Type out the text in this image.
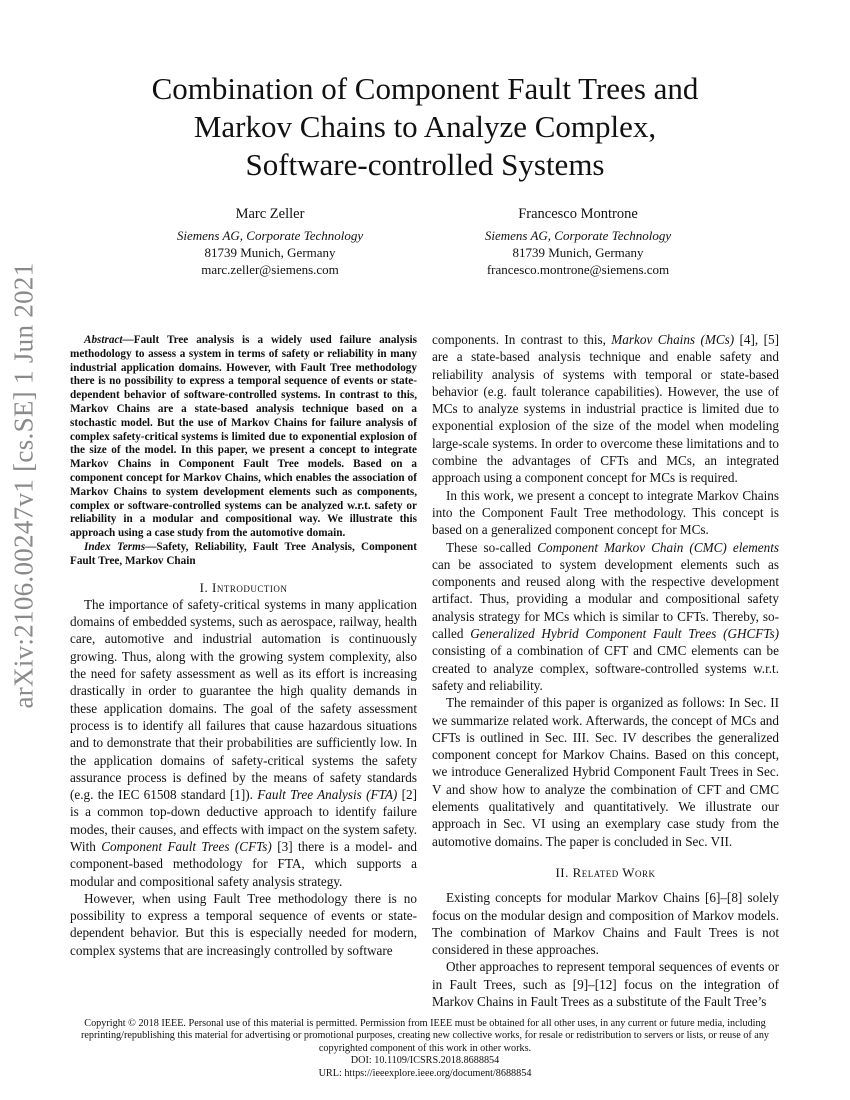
arXiv:2106.00247v1 [cs.SE] 1 Jun 2021
Combination of Component Fault Trees and
Markov Chains to Analyze Complex,
Software-controlled Systems
Marc Zeller
Siemens AG, Corporate Technology
81739 Munich, Germany
marc.zeller@siemens.com
Francesco Montrone
Siemens AG, Corporate Technology
81739 Munich, Germany
francesco.montrone@siemens.com

Abstract—Fault Tree analysis is a widely used failure analysis methodology to assess a system in terms of safety or reliability in many industrial application domains. However, with Fault Tree methodology there is no possibility to express a temporal sequence of events or state-dependent behavior of software-controlled systems. In contrast to this, Markov Chains are a state-based analysis technique based on a stochastic model. But the use of Markov Chains for failure analysis of complex safety-critical systems is limited due to exponential explosion of the size of the model. In this paper, we present a concept to integrate Markov Chains in Component Fault Tree models. Based on a component concept for Markov Chains, which enables the association of Markov Chains to system development elements such as components, complex or software-controlled systems can be analyzed w.r.t. safety or reliability in a modular and compositional way. We illustrate this approach using a case study from the automotive domain.

Index Terms—Safety, Reliability, Fault Tree Analysis, Component Fault Tree, Markov Chain

I. Introduction

The importance of safety-critical systems in many application domains of embedded systems, such as aerospace, railway, health care, automotive and industrial automation is continuously growing. Thus, along with the growing system complexity, also the need for safety assessment as well as its effort is increasing drastically in order to guarantee the high quality demands in these application domains. The goal of the safety assessment process is to identify all failures that cause hazardous situations and to demonstrate that their probabilities are sufficiently low. In the application domains of safety-critical systems the safety assurance process is defined by the means of safety standards (e.g. the IEC 61508 standard [1]). Fault Tree Analysis (FTA) [2] is a common top-down deductive approach to identify failure modes, their causes, and effects with impact on the system safety. With Component Fault Trees (CFTs) [3] there is a model- and component-based methodology for FTA, which supports a modular and compositional safety analysis strategy.

However, when using Fault Tree methodology there is no possibility to express a temporal sequence of events or state-dependent behavior. But this is especially needed for modern, complex systems that are increasingly controlled by software

components. In contrast to this, Markov Chains (MCs) [4], [5] are a state-based analysis technique and enable safety and reliability analysis of systems with temporal or state-based behavior (e.g. fault tolerance capabilities). However, the use of MCs to analyze systems in industrial practice is limited due to exponential explosion of the size of the model when modeling large-scale systems. In order to overcome these limitations and to combine the advantages of CFTs and MCs, an integrated approach using a component concept for MCs is required.

In this work, we present a concept to integrate Markov Chains into the Component Fault Tree methodology. This concept is based on a generalized component concept for MCs.

These so-called Component Markov Chain (CMC) elements can be associated to system development elements such as components and reused along with the respective development artifact. Thus, providing a modular and compositional safety analysis strategy for MCs which is similar to CFTs. Thereby, so-called Generalized Hybrid Component Fault Trees (GHCFTs) consisting of a combination of CFT and CMC elements can be created to analyze complex, software-controlled systems w.r.t. safety and reliability.

The remainder of this paper is organized as follows: In Sec. II we summarize related work. Afterwards, the concept of MCs and CFTs is outlined in Sec. III. Sec. IV describes the generalized component concept for Markov Chains. Based on this concept, we introduce Generalized Hybrid Component Fault Trees in Sec. V and show how to analyze the combination of CFT and CMC elements qualitatively and quantitatively. We illustrate our approach in Sec. VI using an exemplary case study from the automotive domains. The paper is concluded in Sec. VII.

II. Related Work

Existing concepts for modular Markov Chains [6]–[8] solely focus on the modular design and composition of Markov models. The combination of Markov Chains and Fault Trees is not considered in these approaches.

Other approaches to represent temporal sequences of events or in Fault Trees, such as [9]–[12] focus on the integration of Markov Chains in Fault Trees as a substitute of the Fault Tree’s

Copyright © 2018 IEEE. Personal use of this material is permitted. Permission from IEEE must be obtained for all other uses, in any current or future media, including reprinting/republishing this material for advertising or promotional purposes, creating new collective works, for resale or redistribution to servers or lists, or reuse of any copyrighted component of this work in other works.
DOI: 10.1109/ICSRS.2018.8688854
URL: https://ieeexplore.ieee.org/document/8688854
